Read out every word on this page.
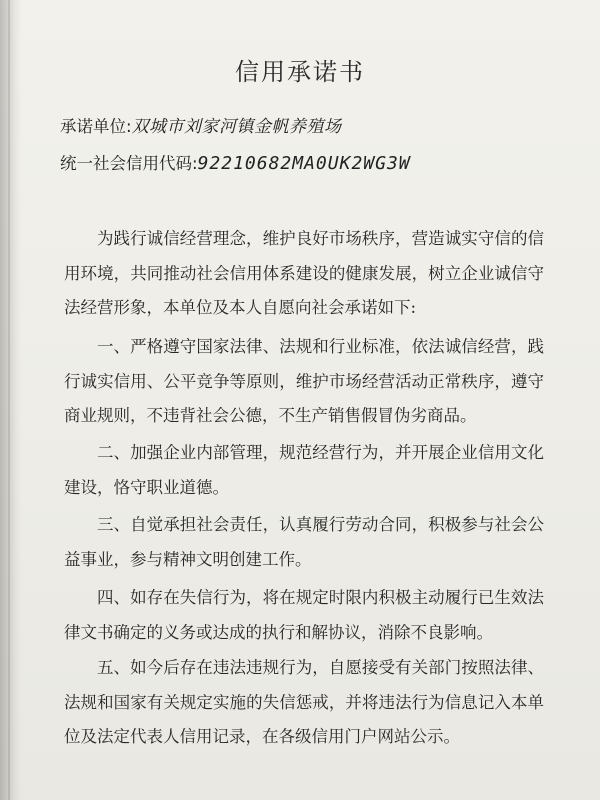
信用承诺书
承诺单位:双城市刘家河镇金帆养殖场
统一社会信用代码:92210682MA0UK2WG3W

为践行诚信经营理念，维护良好市场秩序，营造诚实守信的信用环境，共同推动社会信用体系建设的健康发展，树立企业诚信守法经营形象，本单位及本人自愿向社会承诺如下:

一、严格遵守国家法律、法规和行业标准，依法诚信经营，践行诚实信用、公平竞争等原则，维护市场经营活动正常秩序，遵守商业规则，不违背社会公德，不生产销售假冒伪劣商品。

二、加强企业内部管理，规范经营行为，并开展企业信用文化建设，恪守职业道德。

三、自觉承担社会责任，认真履行劳动合同，积极参与社会公益事业，参与精神文明创建工作。

四、如存在失信行为，将在规定时限内积极主动履行已生效法律文书确定的义务或达成的执行和解协议，消除不良影响。

五、如今后存在违法违规行为，自愿接受有关部门按照法律、法规和国家有关规定实施的失信惩戒，并将违法行为信息记入本单位及法定代表人信用记录，在各级信用门户网站公示。
